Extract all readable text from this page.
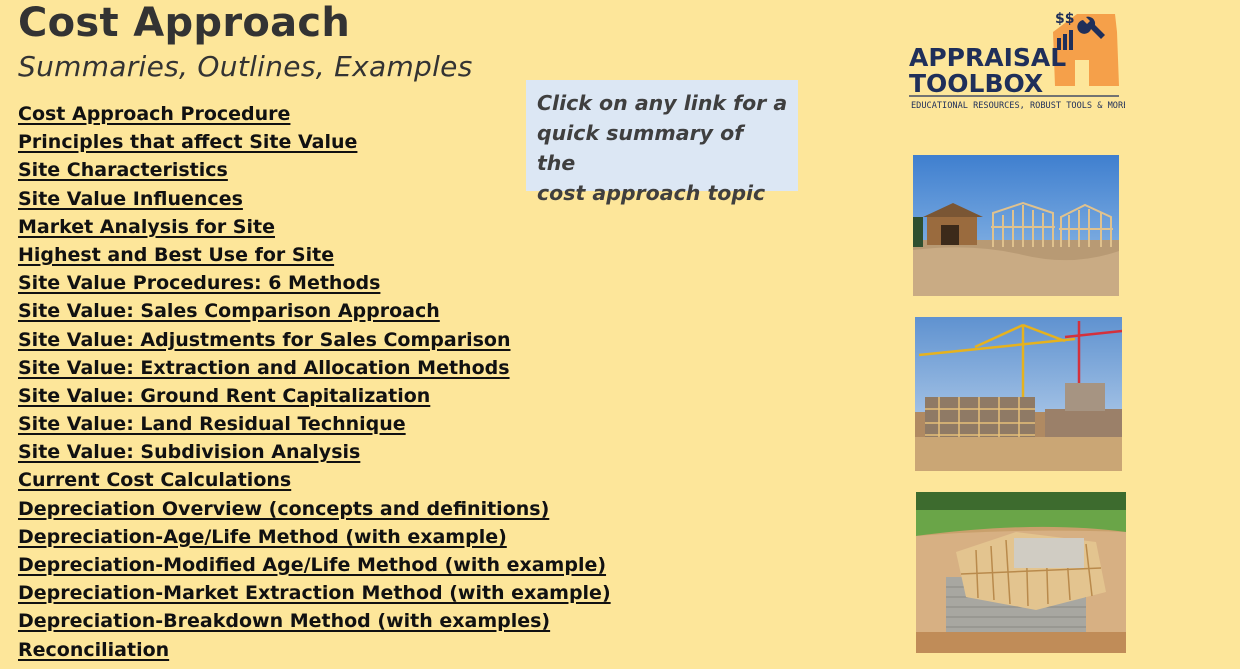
Cost Approach
Summaries, Outlines, Examples
Cost Approach Procedure
Principles that affect Site Value
Site Characteristics
Site Value Influences
Market Analysis for Site
Highest and Best Use for Site
Site Value Procedures: 6 Methods
Site Value: Sales Comparison Approach
Site Value: Adjustments for Sales Comparison
Site Value: Extraction and Allocation Methods
Site Value: Ground Rent Capitalization
Site Value: Land Residual Technique
Site Value: Subdivision Analysis
Current Cost Calculations
Depreciation Overview (concepts and definitions)
Depreciation-Age/Life Method (with example)
Depreciation-Modified Age/Life Method (with example)
Depreciation-Market Extraction Method (with example)
Depreciation-Breakdown Method (with examples)
Reconciliation
Click on any link for a
quick summary of the
cost approach topic
$$
APPRAISAL
TOOLBOX
EDUCATIONAL RESOURCES, ROBUST TOOLS & MORE
